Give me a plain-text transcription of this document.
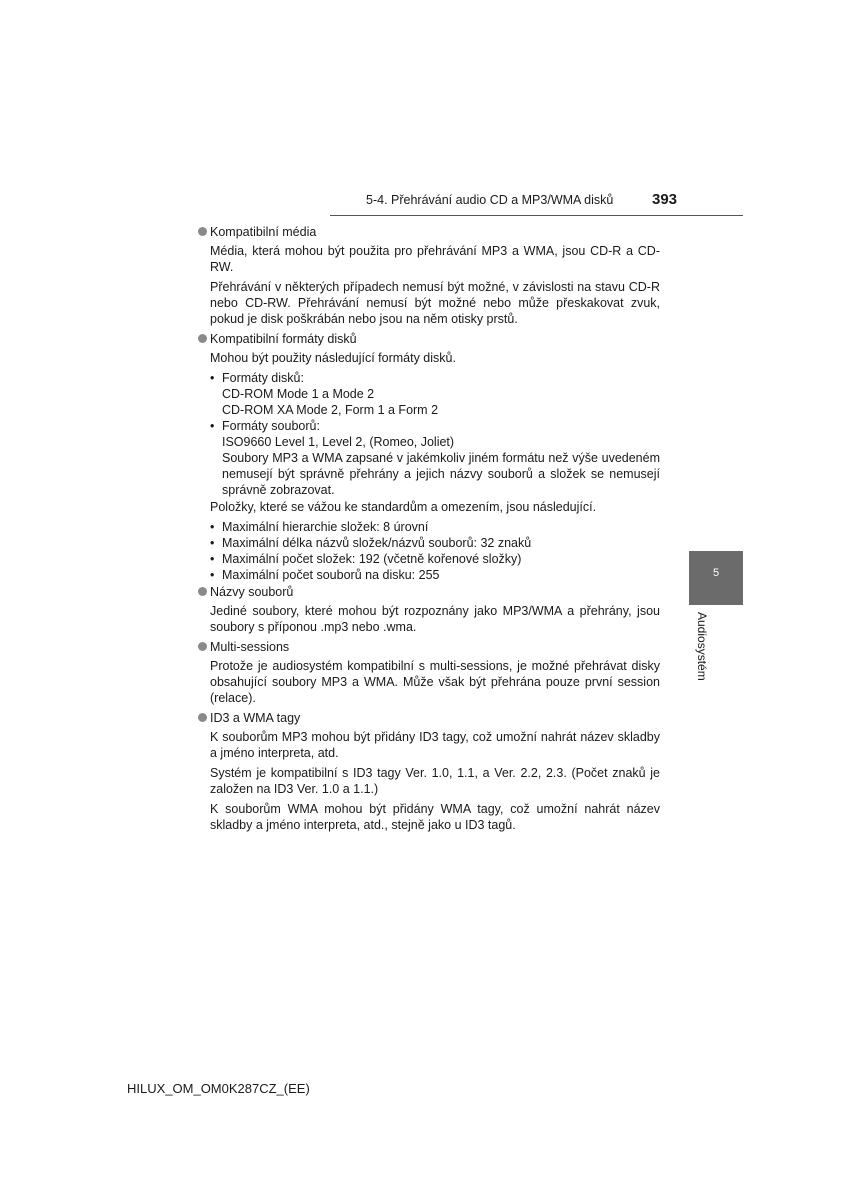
5-4. Přehrávání audio CD a MP3/WMA disků	393
Kompatibilní média

Média, která mohou být použita pro přehrávání MP3 a WMA, jsou CD-R a CD-RW.

Přehrávání v některých případech nemusí být možné, v závislosti na stavu CD-R nebo CD-RW. Přehrávání nemusí být možné nebo může přeskakovat zvuk, pokud je disk poškrábán nebo jsou na něm otisky prstů.

Kompatibilní formáty disků

Mohou být použity následující formáty disků.

• Formáty disků:
CD-ROM Mode 1 a Mode 2
CD-ROM XA Mode 2, Form 1 a Form 2
• Formáty souborů:
ISO9660 Level 1, Level 2, (Romeo, Joliet)
Soubory MP3 a WMA zapsané v jakémkoliv jiném formátu než výše uvedeném nemusejí být správně přehrány a jejich názvy souborů a složek se nemusejí správně zobrazovat.

Položky, které se vážou ke standardům a omezením, jsou následující.

• Maximální hierarchie složek: 8 úrovní
• Maximální délka názvů složek/názvů souborů: 32 znaků
• Maximální počet složek: 192 (včetně kořenové složky)
• Maximální počet souborů na disku: 255
Názvy souborů

Jediné soubory, které mohou být rozpoznány jako MP3/WMA a přehrány, jsou soubory s příponou .mp3 nebo .wma.

Multi-sessions

Protože je audiosystém kompatibilní s multi-sessions, je možné přehrávat disky obsahující soubory MP3 a WMA. Může však být přehrána pouze první session (relace).

ID3 a WMA tagy

K souborům MP3 mohou být přidány ID3 tagy, což umožní nahrát název skladby a jméno interpreta, atd.

Systém je kompatibilní s ID3 tagy Ver. 1.0, 1.1, a Ver. 2.2, 2.3. (Počet znaků je založen na ID3 Ver. 1.0 a 1.1.)

K souborům WMA mohou být přidány WMA tagy, což umožní nahrát název skladby a jméno interpreta, atd., stejně jako u ID3 tagů.

5
Audiosystém
HILUX_OM_OM0K287CZ_(EE)
